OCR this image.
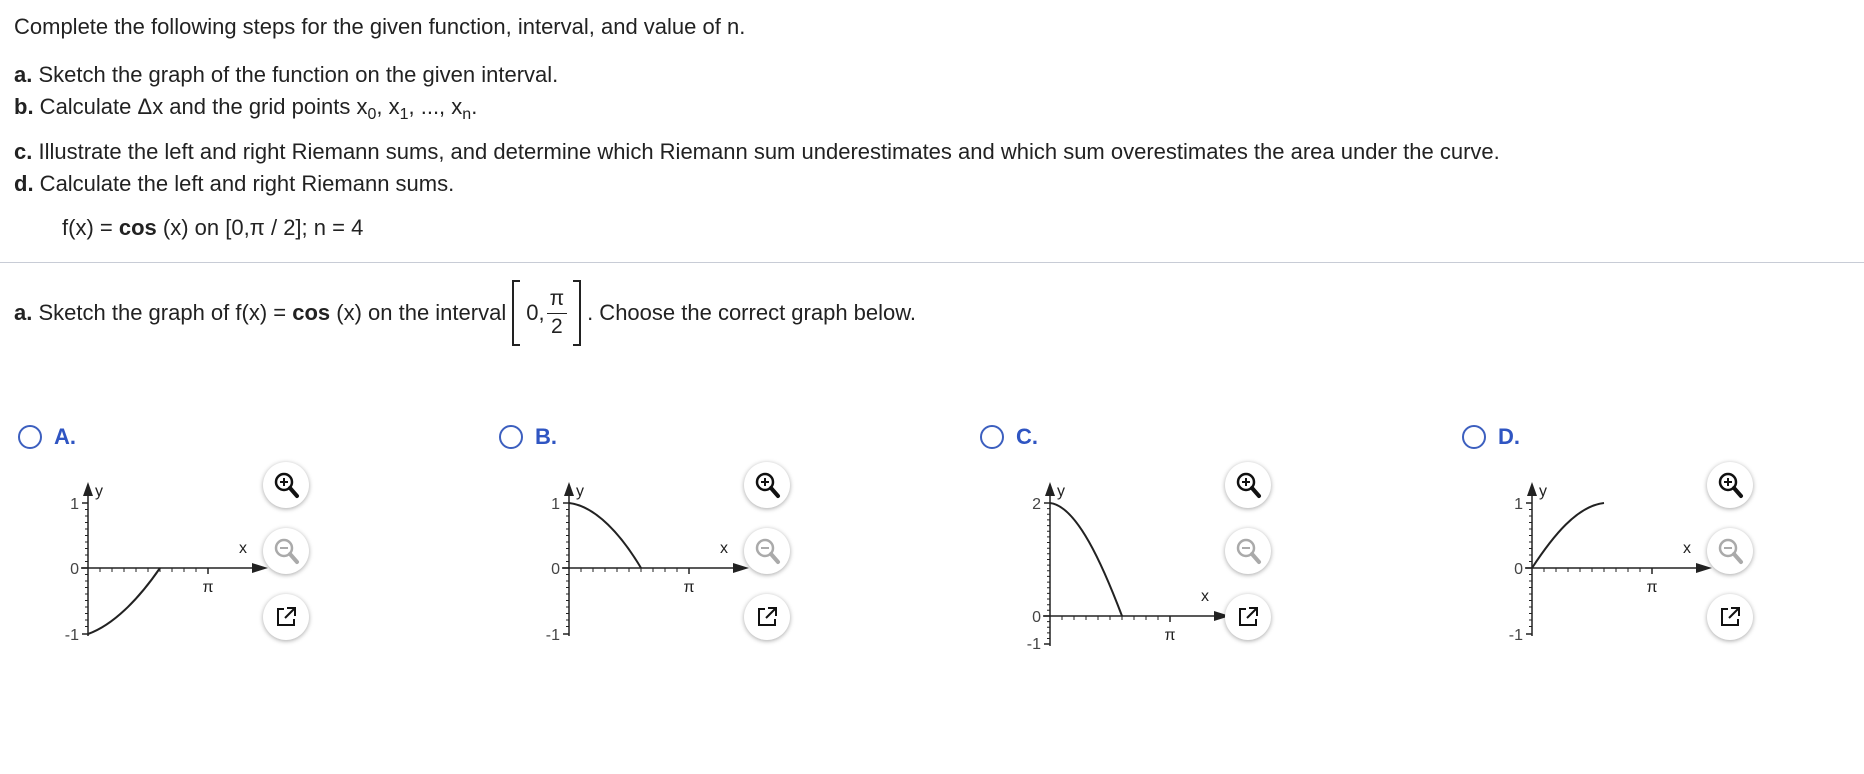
Complete the following steps for the given function, interval, and value of n.
a. Sketch the graph of the function on the given interval.
b. Calculate Δx and the grid points $x_0$, $x_1$, ..., $x_n$.
c. Illustrate the left and right Riemann sums, and determine which Riemann sum underestimates and which sum overestimates the area under the curve.
d. Calculate the left and right Riemann sums.
f(x) = cos (x) on [0,π / 2]; n = 4
a. Sketch the graph of f(x) = cos (x) on the interval 0, $\frac{\pi}{2}$ . Choose the correct graph below.
A.
y
x
1
0
-1
π
B.
y
x
1
0
-1
π
C.
y
x
2
0
-1
π
D.
y
x
1
0
-1
π
